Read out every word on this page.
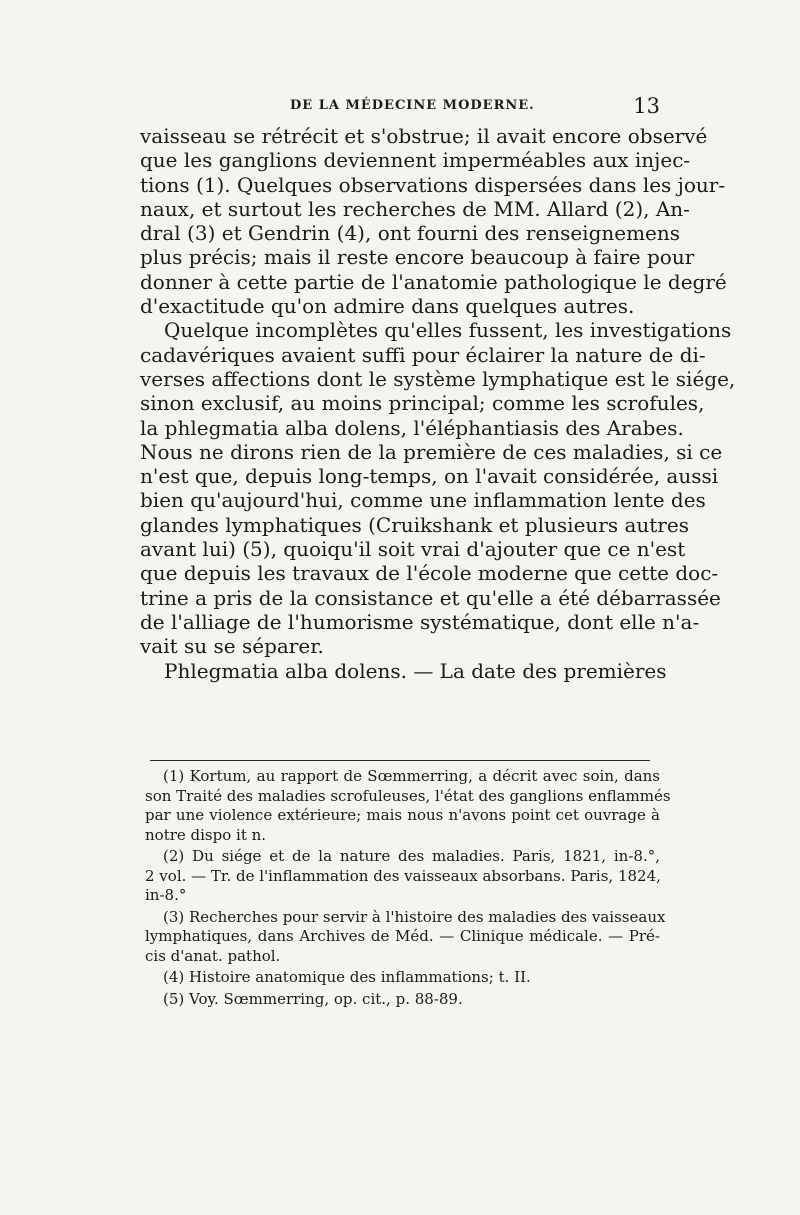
DE LA MÉDECINE MODERNE.	13
vaisseau se rétrécit et s'obstrue; il avait encore observé
que les ganglions deviennent imperméables aux injec-
tions (1). Quelques observations dispersées dans les jour-
naux, et surtout les recherches de MM. Allard (2), An-
dral (3) et Gendrin (4), ont fourni des renseignemens
plus précis; mais il reste encore beaucoup à faire pour
donner à cette partie de l'anatomie pathologique le degré
d'exactitude qu'on admire dans quelques autres.
Quelque incomplètes qu'elles fussent, les investigations
cadavériques avaient suffi pour éclairer la nature de di-
verses affections dont le système lymphatique est le siége,
sinon exclusif, au moins principal; comme les scrofules,
la phlegmatia alba dolens, l'éléphantiasis des Arabes.
Nous ne dirons rien de la première de ces maladies, si ce
n'est que, depuis long-temps, on l'avait considérée, aussi
bien qu'aujourd'hui, comme une inflammation lente des
glandes lymphatiques (Cruikshank et plusieurs autres
avant lui) (5), quoiqu'il soit vrai d'ajouter que ce n'est
que depuis les travaux de l'école moderne que cette doc-
trine a pris de la consistance et qu'elle a été débarrassée
de l'alliage de l'humorisme systématique, dont elle n'a-
vait su se séparer.
Phlegmatia alba dolens. — La date des premières
(1) Kortum, au rapport de Sœmmerring, a décrit avec soin, dans
son Traité des maladies scrofuleuses, l'état des ganglions enflammés
par une violence extérieure; mais nous n'avons point cet ouvrage à
notre dispo it n.
(2) Du siége et de la nature des maladies. Paris, 1821, in-8.°,
2 vol. — Tr. de l'inflammation des vaisseaux absorbans. Paris, 1824,
in-8.°
(3) Recherches pour servir à l'histoire des maladies des vaisseaux
lymphatiques, dans Archives de Méd. — Clinique médicale. — Pré-
cis d'anat. pathol.
(4) Histoire anatomique des inflammations; t. II.
(5) Voy. Sœmmerring, op. cit., p. 88-89.
